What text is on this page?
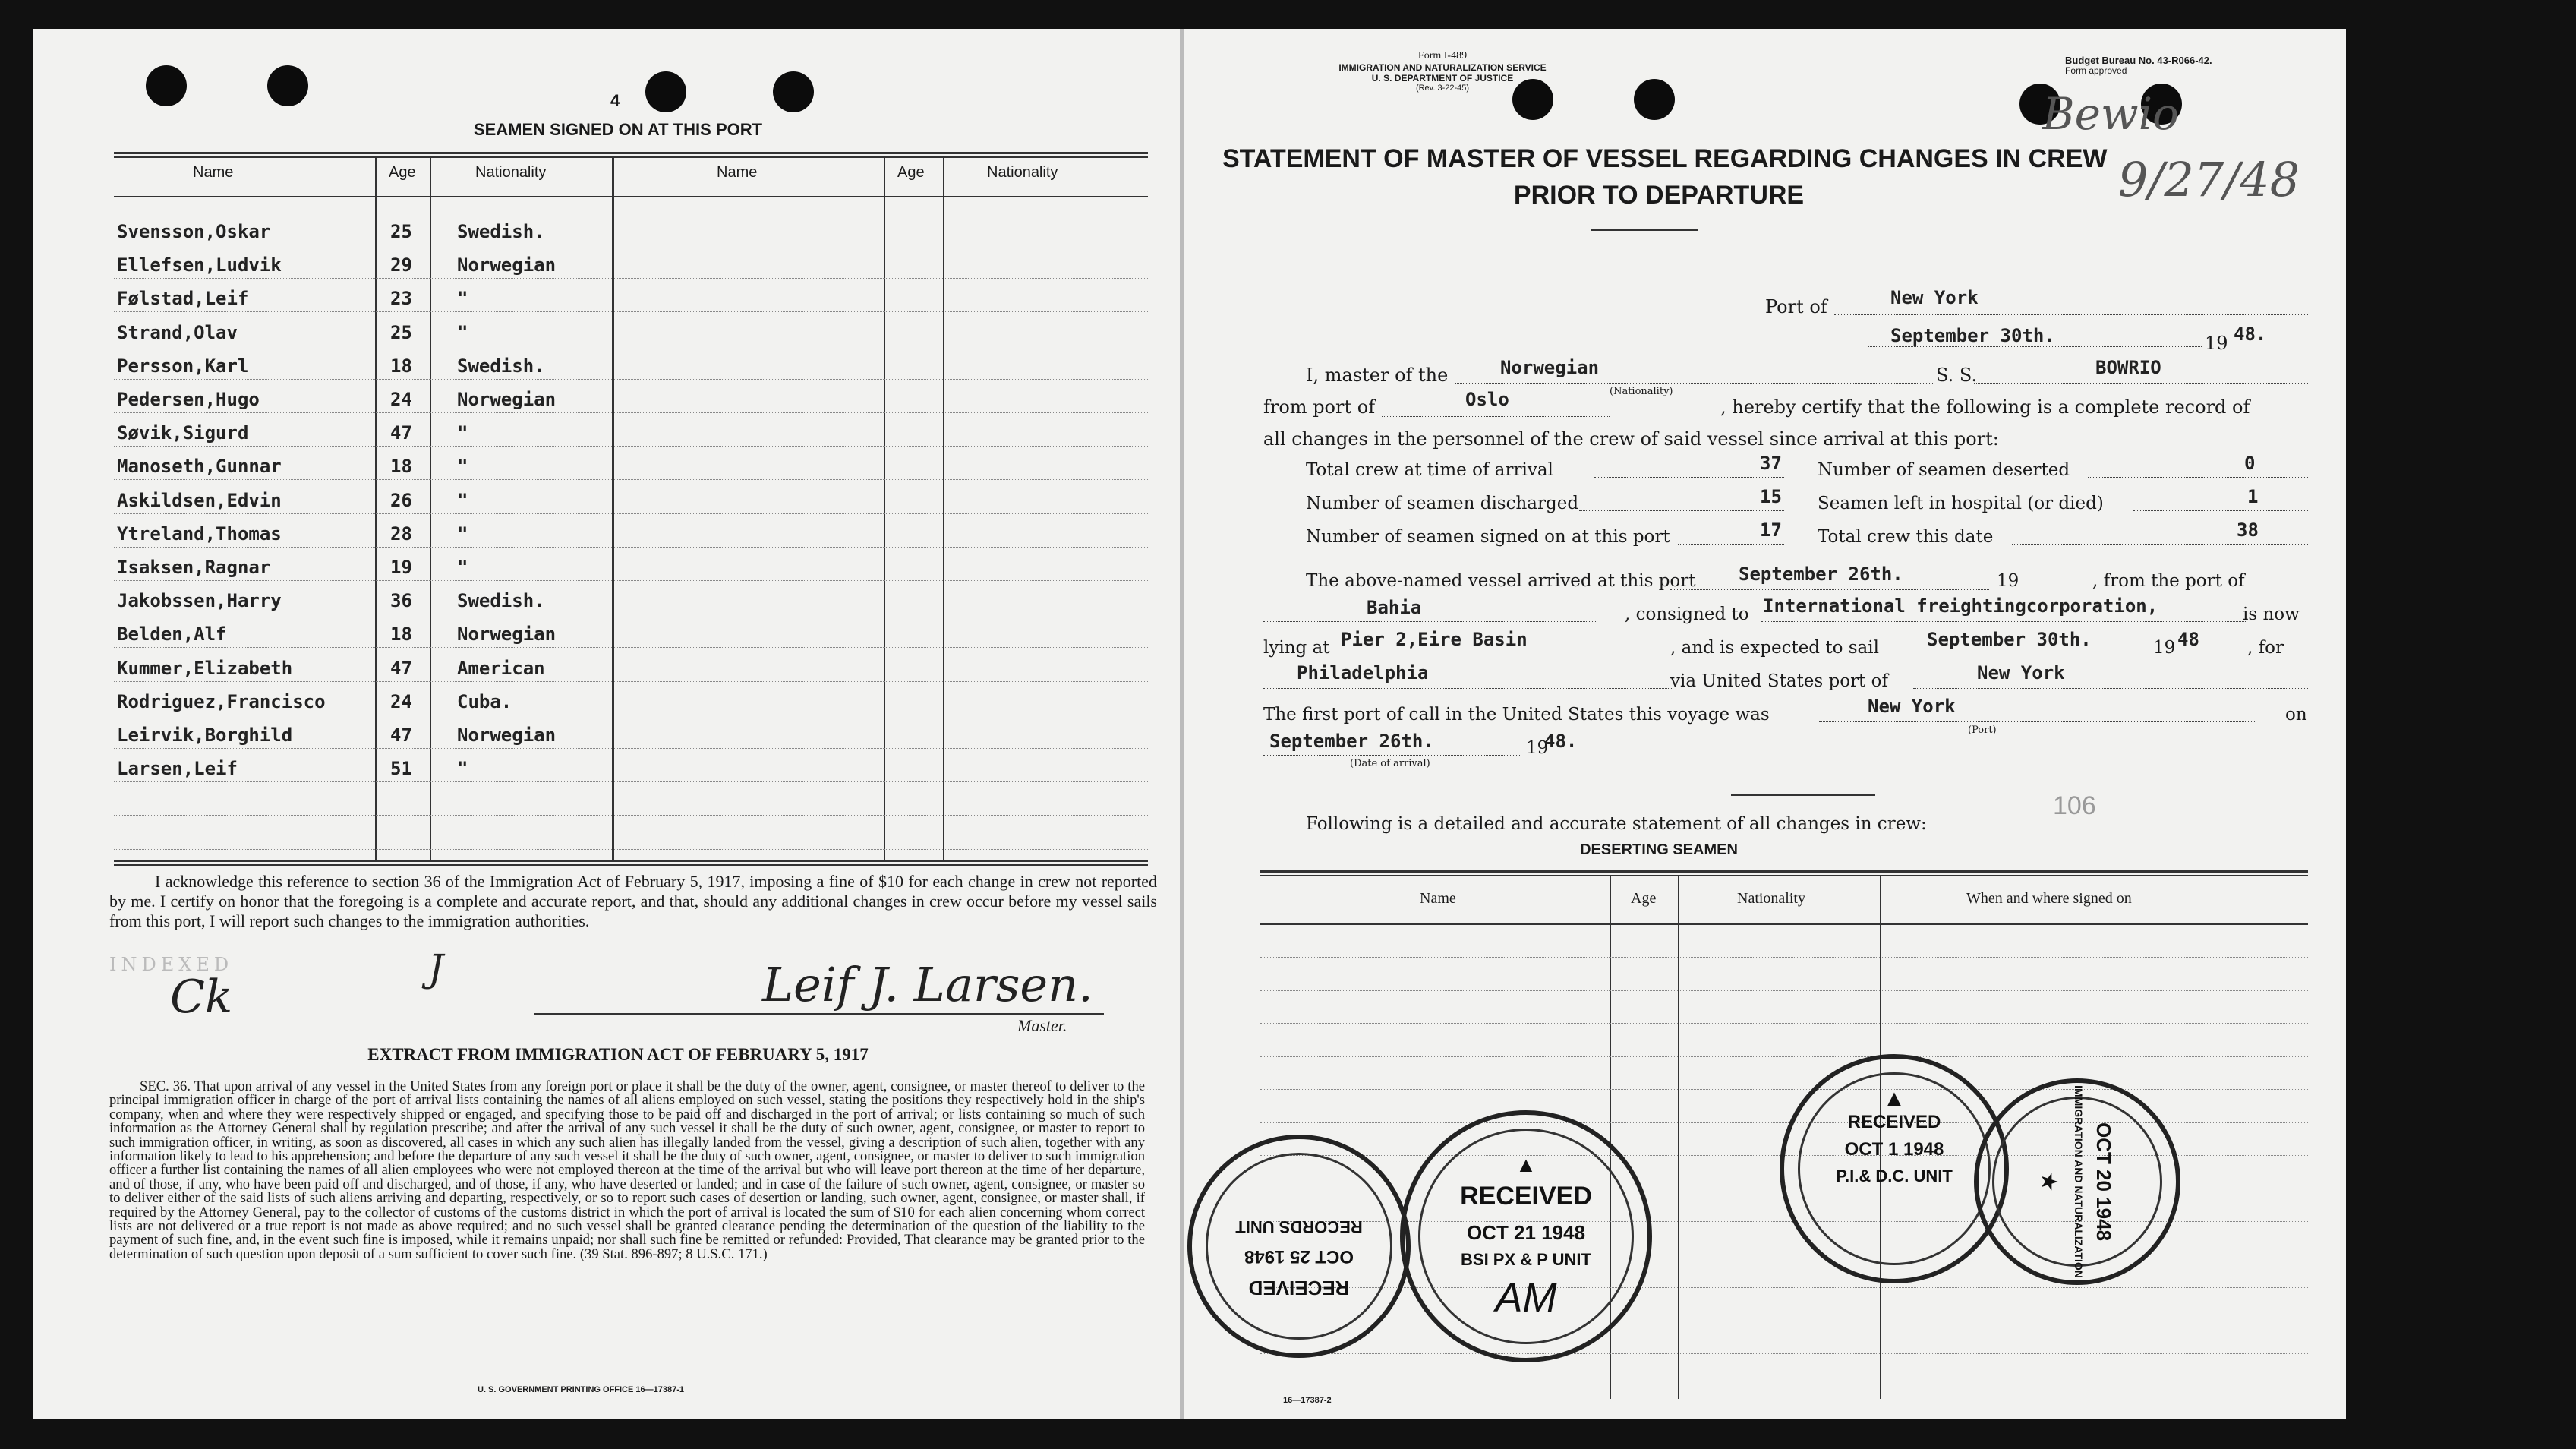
4
SEAMEN SIGNED ON AT THIS PORT
Name	Age	Nationality	Name	Age	Nationality
Svensson,Oskar	25 Swedish.
Ellefsen,Ludvik	29 Norwegian
Følstad,Leif	23 "
Strand,Olav	25 "
Persson,Karl	18 Swedish.
Pedersen,Hugo	24 Norwegian
Søvik,Sigurd	47 "
Manoseth,Gunnar	18 "
Askildsen,Edvin	26 "
Ytreland,Thomas	28 "
Isaksen,Ragnar	19 "
Jakobssen,Harry	36 Swedish.
Belden,Alf	18 Norwegian
Kummer,Elizabeth	47 American
Rodriguez,Francisco	24 Cuba.
Leirvik,Borghild	47 Norwegian
Larsen,Leif	51 "
I acknowledge this reference to section 36 of the Immigration Act of February 5, 1917, imposing a fine of $10 for each change in crew not reported by me. I certify on honor that the foregoing is a complete and accurate report, and that, should any additional changes in crew occur before my vessel sails from this port, I will report such changes to the immigration authorities.
INDEXED
Ck
J	Leif J. Larsen.
Master.
EXTRACT FROM IMMIGRATION ACT OF FEBRUARY 5, 1917
SEC. 36. That upon arrival of any vessel in the United States from any foreign port or place it shall be the duty of the owner, agent, consignee, or master thereof to deliver to the principal immigration officer in charge of the port of arrival lists containing the names of all aliens employed on such vessel, stating the positions they respectively hold in the ship's company, when and where they were respectively shipped or engaged, and specifying those to be paid off and discharged in the port of arrival; or lists containing so much of such information as the Attorney General shall by regulation prescribe; and after the arrival of any such vessel it shall be the duty of such owner, agent, consignee, or master to report to such immigration officer, in writing, as soon as discovered, all cases in which any such alien has illegally landed from the vessel, giving a description of such alien, together with any information likely to lead to his apprehension; and before the departure of any such vessel it shall be the duty of such owner, agent, consignee, or master to deliver to such immigration officer a further list containing the names of all alien employees who were not employed thereon at the time of the arrival but who will leave port thereon at the time of her departure, and of those, if any, who have been paid off and discharged, and of those, if any, who have deserted or landed; and in case of the failure of such owner, agent, consignee, or master so to deliver either of the said lists of such aliens arriving and departing, respectively, or so to report such cases of desertion or landing, such owner, agent, consignee, or master shall, if required by the Attorney General, pay to the collector of customs of the customs district in which the port of arrival is located the sum of $10 for each alien concerning whom correct lists are not delivered or a true report is not made as above required; and no such vessel shall be granted clearance pending the determination of the question of the liability to the payment of such fine, and, in the event such fine is imposed, while it remains unpaid; nor shall such fine be remitted or refunded: Provided, That clearance may be granted prior to the determination of such question upon deposit of a sum sufficient to cover such fine. (39 Stat. 896-897; 8 U.S.C. 171.)
U. S. GOVERNMENT PRINTING OFFICE 16—17387-1
Form I-489
IMMIGRATION AND NATURALIZATION SERVICE
U. S. DEPARTMENT OF JUSTICE
(Rev. 3-22-45)
Budget Bureau No. 43-R066-42.
Form approved
Bewio
9/27/48
STATEMENT OF MASTER OF VESSEL REGARDING CHANGES IN CREW
PRIOR TO DEPARTURE
Port of	New York
September 30th.	19 48.
I, master of the	Norwegian
(Nationality)
S. S.	BOWRIO
from port of	Oslo	, hereby certify that the following is a complete record of
all changes in the personnel of the crew of said vessel since arrival at this port:
Total crew at time of arrival	37 Number of seamen deserted	0
Number of seamen discharged	15 Seamen left in hospital (or died)	1
Number of seamen signed on at this port	17 Total crew this date	38
The above-named vessel arrived at this port September 26th.	19	, from the port of
Bahia	, consigned to International freightingcorporation,	is now
lying at Pier 2,Eire Basin	, and is expected to sail	September 30th.	19 48	, for
Philadelphia	via United States port of	New York
The first port of call in the United States this voyage was	New York
(Port)
on
September 26th.	19
48.
(Date of arrival)
106
Following is a detailed and accurate statement of all changes in crew:
DESERTING SEAMEN
Name	Age	Nationality	When and where signed on
16—17387-2
RECORDS UNIT
OCT 25 1948
RECEIVED
▲
RECEIVED
OCT 21 1948
BSI PX & P UNIT
AM
▲
RECEIVED
OCT 1 1948
P.I.& D.C. UNIT	OCT 20 1948
IMMIGRATION AND NATURALIZATION
★
